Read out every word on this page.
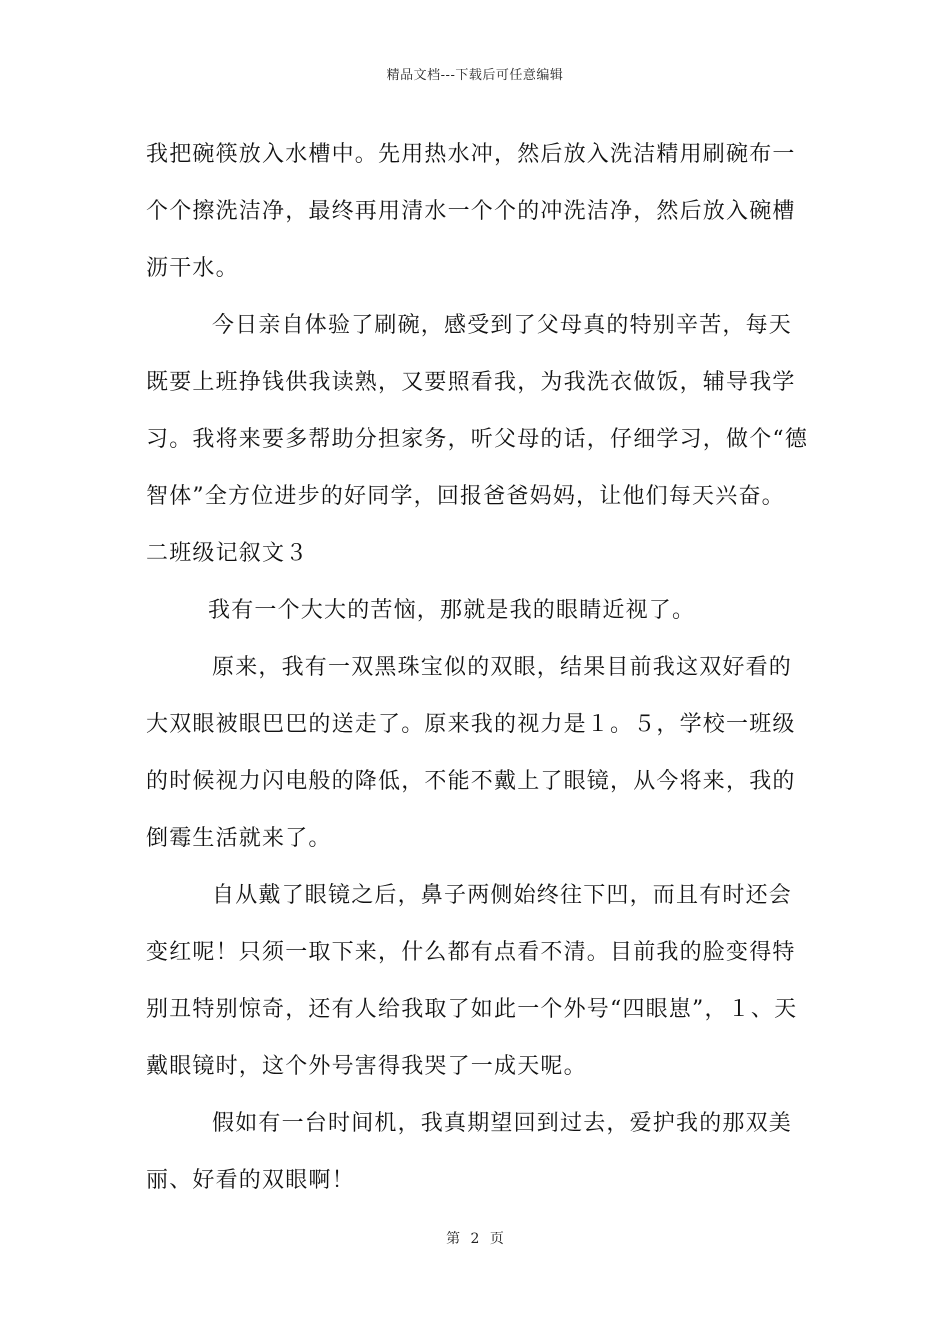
精品文档---下载后可任意编辑

我把碗筷放入水槽中。先用热水冲，然后放入洗洁精用刷碗布一个个擦洗洁净，最终再用清水一个个的冲洗洁净，然后放入碗槽沥干水。

今日亲自体验了刷碗，感受到了父母真的特别辛苦，每天既要上班挣钱供我读熟，又要照看我，为我洗衣做饭，辅导我学习。我将来要多帮助分担家务，听父母的话，仔细学习，做个“德智体”全方位进步的好同学，回报爸爸妈妈，让他们每天兴奋。

二班级记叙文３

我有一个大大的苦恼，那就是我的眼睛近视了。

原来，我有一双黑珠宝似的双眼，结果目前我这双好看的大双眼被眼巴巴的送走了。原来我的视力是１。５，学校一班级的时候视力闪电般的降低，不能不戴上了眼镜，从今将来，我的倒霉生活就来了。

自从戴了眼镜之后，鼻子两侧始终往下凹，而且有时还会变红呢！只须一取下来，什么都有点看不清。目前我的脸变得特别丑特别惊奇，还有人给我取了如此一个外号“四眼崽”，１、天戴眼镜时，这个外号害得我哭了一成天呢。

假如有一台时间机，我真期望回到过去，爱护我的那双美丽、好看的双眼啊！

第 2 页
